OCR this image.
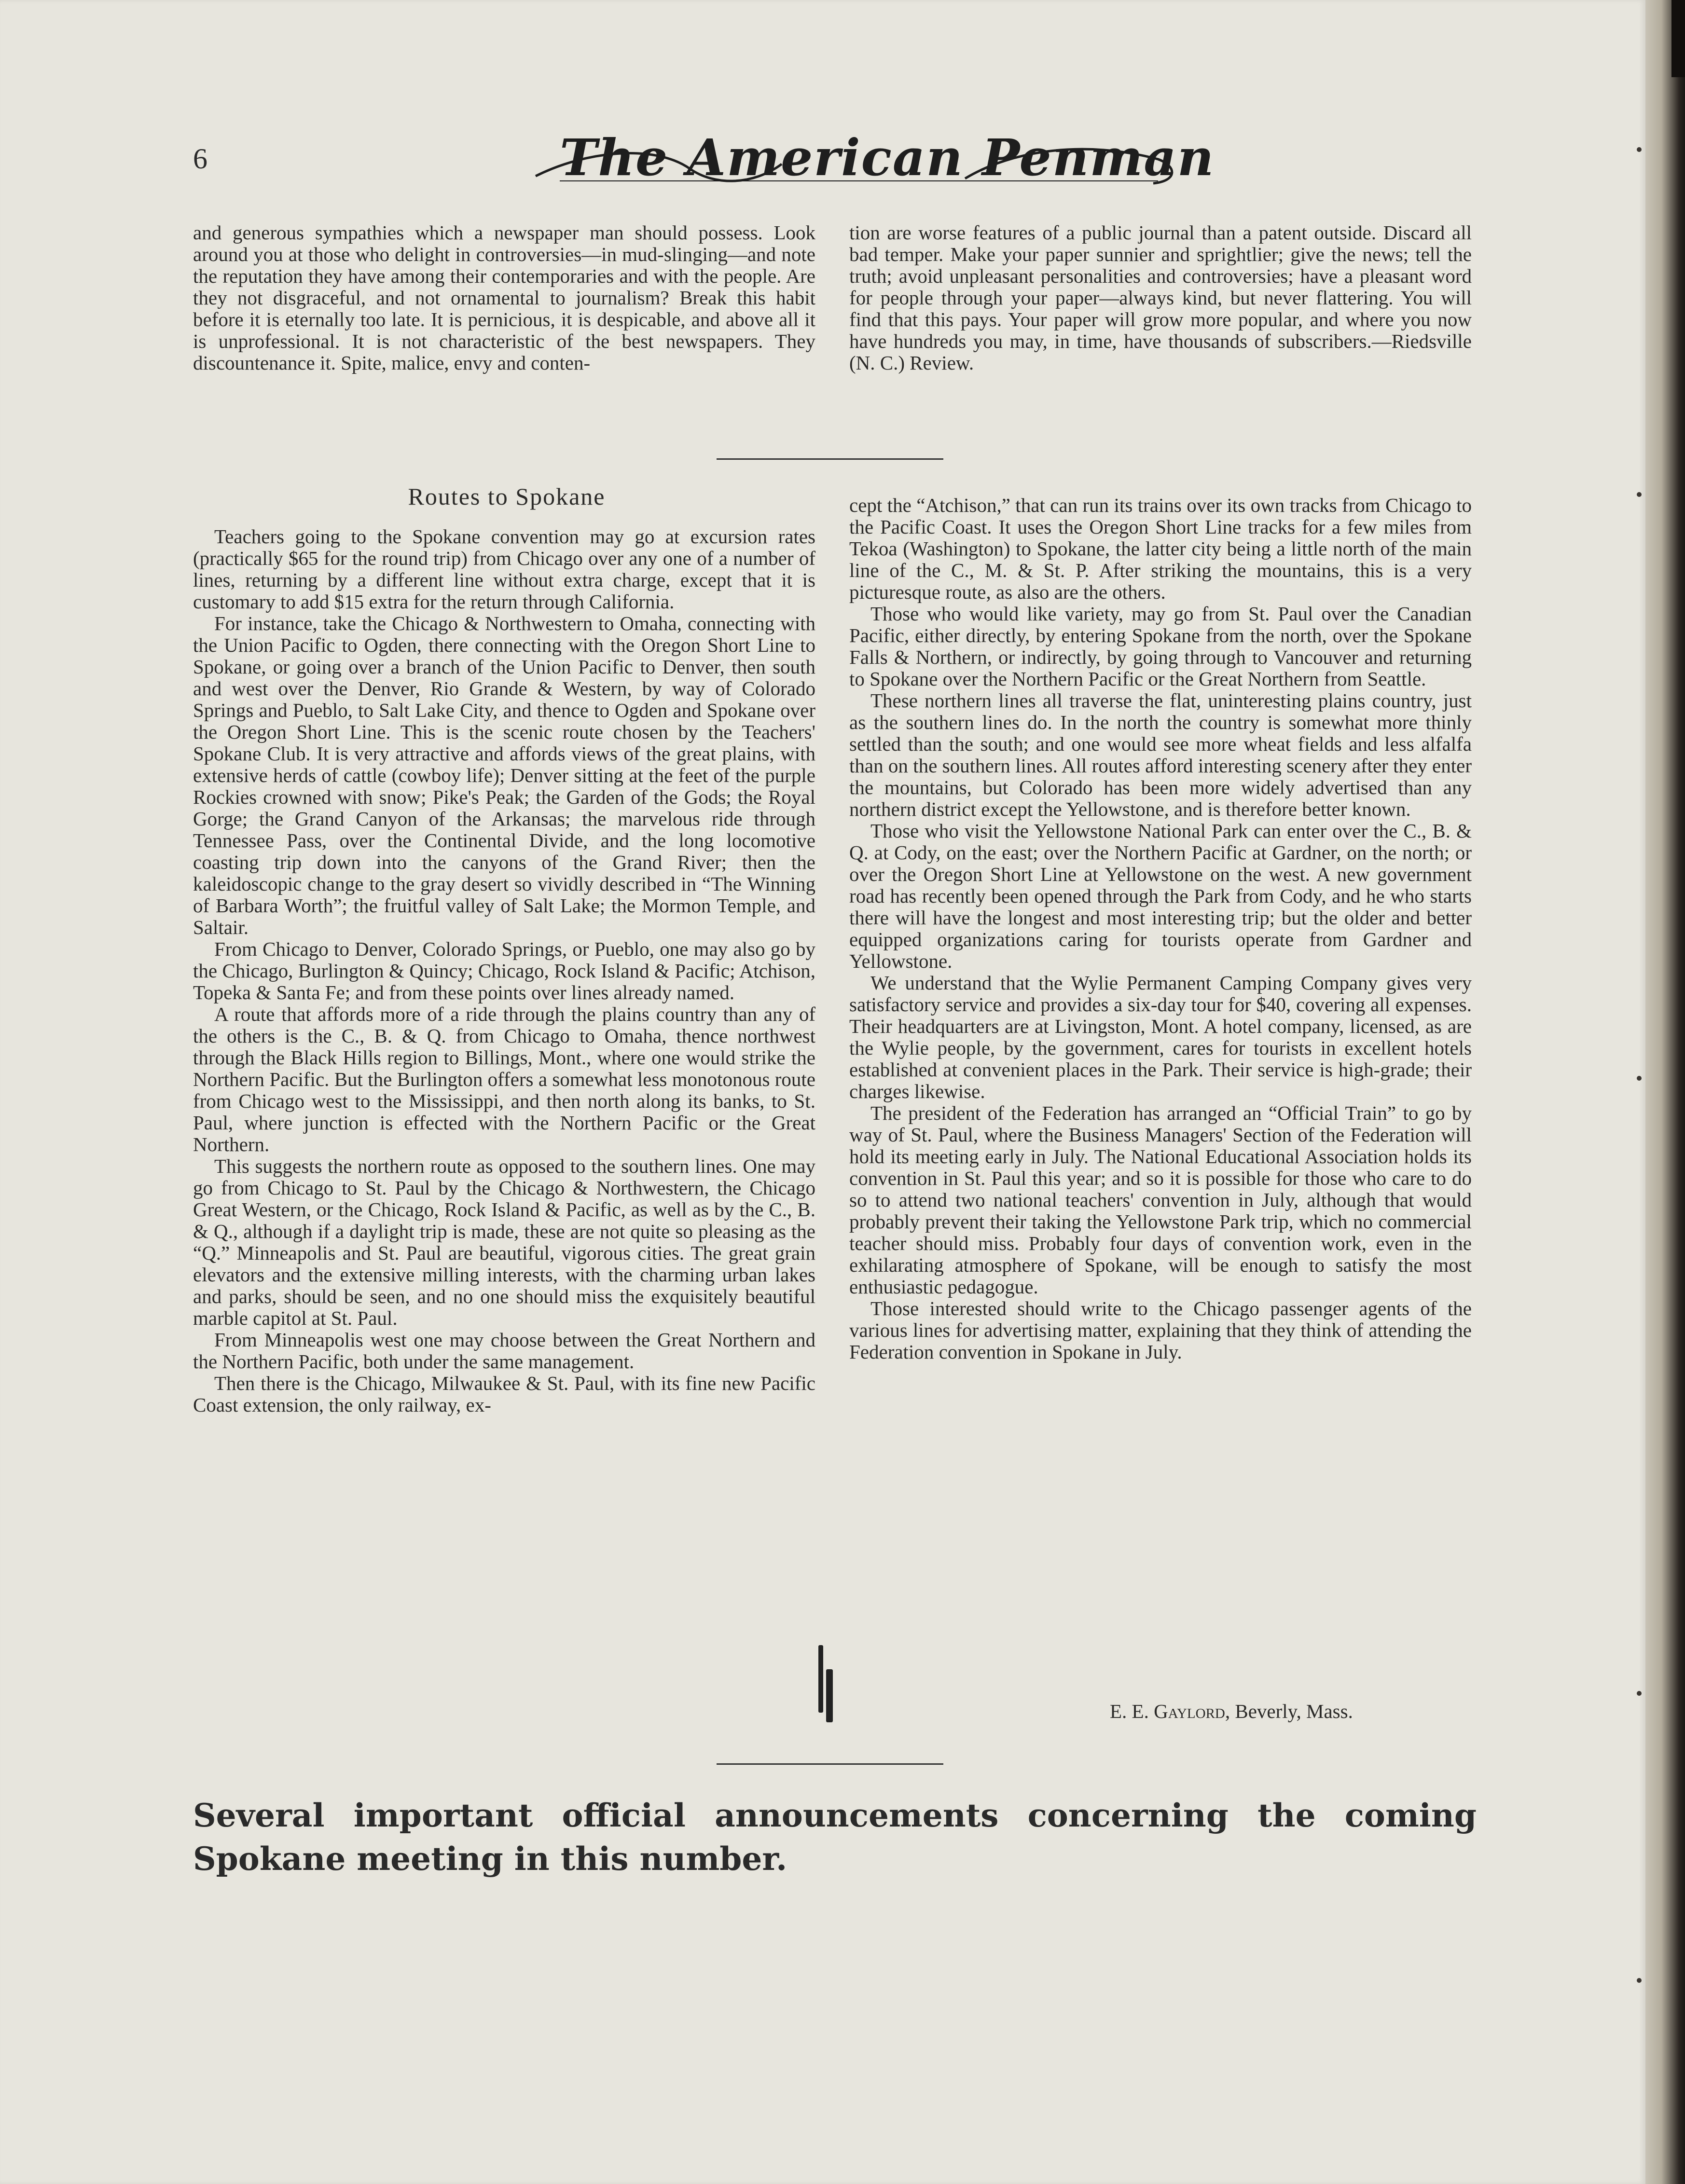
6	The American Penman

and generous sympathies which a newspaper man should possess. Look around you at those who delight in controversies—in mud-slinging—and note the reputation they have among their contemporaries and with the people. Are they not disgraceful, and not ornamental to journalism? Break this habit before it is eternally too late. It is pernicious, it is despicable, and above all it is unprofessional. It is not characteristic of the best newspapers. They discountenance it. Spite, malice, envy and conten-

tion are worse features of a public journal than a patent outside. Discard all bad temper. Make your paper sunnier and sprightlier; give the news; tell the truth; avoid unpleasant personalities and controversies; have a pleasant word for people through your paper—always kind, but never flattering. You will find that this pays. Your paper will grow more popular, and where you now have hundreds you may, in time, have thousands of subscribers.—Riedsville (N. C.) Review.

Routes to Spokane

Teachers going to the Spokane convention may go at excursion rates (practically $65 for the round trip) from Chicago over any one of a number of lines, returning by a different line without extra charge, except that it is customary to add $15 extra for the return through California.

For instance, take the Chicago & Northwestern to Omaha, connecting with the Union Pacific to Ogden, there connecting with the Oregon Short Line to Spokane, or going over a branch of the Union Pacific to Denver, then south and west over the Denver, Rio Grande & Western, by way of Colorado Springs and Pueblo, to Salt Lake City, and thence to Ogden and Spokane over the Oregon Short Line. This is the scenic route chosen by the Teachers' Spokane Club. It is very attractive and affords views of the great plains, with extensive herds of cattle (cowboy life); Denver sitting at the feet of the purple Rockies crowned with snow; Pike's Peak; the Garden of the Gods; the Royal Gorge; the Grand Canyon of the Arkansas; the marvelous ride through Tennessee Pass, over the Continental Divide, and the long locomotive coasting trip down into the canyons of the Grand River; then the kaleidoscopic change to the gray desert so vividly described in “The Winning of Barbara Worth”; the fruitful valley of Salt Lake; the Mormon Temple, and Saltair.

From Chicago to Denver, Colorado Springs, or Pueblo, one may also go by the Chicago, Burlington & Quincy; Chicago, Rock Island & Pacific; Atchison, Topeka & Santa Fe; and from these points over lines already named.

A route that affords more of a ride through the plains country than any of the others is the C., B. & Q. from Chicago to Omaha, thence northwest through the Black Hills region to Billings, Mont., where one would strike the Northern Pacific. But the Burlington offers a somewhat less monotonous route from Chicago west to the Mississippi, and then north along its banks, to St. Paul, where junction is effected with the Northern Pacific or the Great Northern.

This suggests the northern route as opposed to the southern lines. One may go from Chicago to St. Paul by the Chicago & Northwestern, the Chicago Great Western, or the Chicago, Rock Island & Pacific, as well as by the C., B. & Q., although if a daylight trip is made, these are not quite so pleasing as the “Q.” Minneapolis and St. Paul are beautiful, vigorous cities. The great grain elevators and the extensive milling interests, with the charming urban lakes and parks, should be seen, and no one should miss the exquisitely beautiful marble capitol at St. Paul.

From Minneapolis west one may choose between the Great Northern and the Northern Pacific, both under the same management.

Then there is the Chicago, Milwaukee & St. Paul, with its fine new Pacific Coast extension, the only railway, ex-

cept the “Atchison,” that can run its trains over its own tracks from Chicago to the Pacific Coast. It uses the Oregon Short Line tracks for a few miles from Tekoa (Washington) to Spokane, the latter city being a little north of the main line of the C., M. & St. P. After striking the mountains, this is a very picturesque route, as also are the others.

Those who would like variety, may go from St. Paul over the Canadian Pacific, either directly, by entering Spokane from the north, over the Spokane Falls & Northern, or indirectly, by going through to Vancouver and returning to Spokane over the Northern Pacific or the Great Northern from Seattle.

These northern lines all traverse the flat, uninteresting plains country, just as the southern lines do. In the north the country is somewhat more thinly settled than the south; and one would see more wheat fields and less alfalfa than on the southern lines. All routes afford interesting scenery after they enter the mountains, but Colorado has been more widely advertised than any northern district except the Yellowstone, and is therefore better known.

Those who visit the Yellowstone National Park can enter over the C., B. & Q. at Cody, on the east; over the Northern Pacific at Gardner, on the north; or over the Oregon Short Line at Yellowstone on the west. A new government road has recently been opened through the Park from Cody, and he who starts there will have the longest and most interesting trip; but the older and better equipped organizations caring for tourists operate from Gardner and Yellowstone.

We understand that the Wylie Permanent Camping Company gives very satisfactory service and provides a six-day tour for $40, covering all expenses. Their headquarters are at Livingston, Mont. A hotel company, licensed, as are the Wylie people, by the government, cares for tourists in excellent hotels established at convenient places in the Park. Their service is high-grade; their charges likewise.

The president of the Federation has arranged an “Official Train” to go by way of St. Paul, where the Business Managers' Section of the Federation will hold its meeting early in July. The National Educational Association holds its convention in St. Paul this year; and so it is possible for those who care to do so to attend two national teachers' convention in July, although that would probably prevent their taking the Yellowstone Park trip, which no commercial teacher should miss. Probably four days of convention work, even in the exhilarating atmosphere of Spokane, will be enough to satisfy the most enthusiastic pedagogue.

Those interested should write to the Chicago passenger agents of the various lines for advertising matter, explaining that they think of attending the Federation convention in Spokane in July.

E. E. Gaylord, Beverly, Mass.
Several important official announcements concerning the coming Spokane meeting in this number.
